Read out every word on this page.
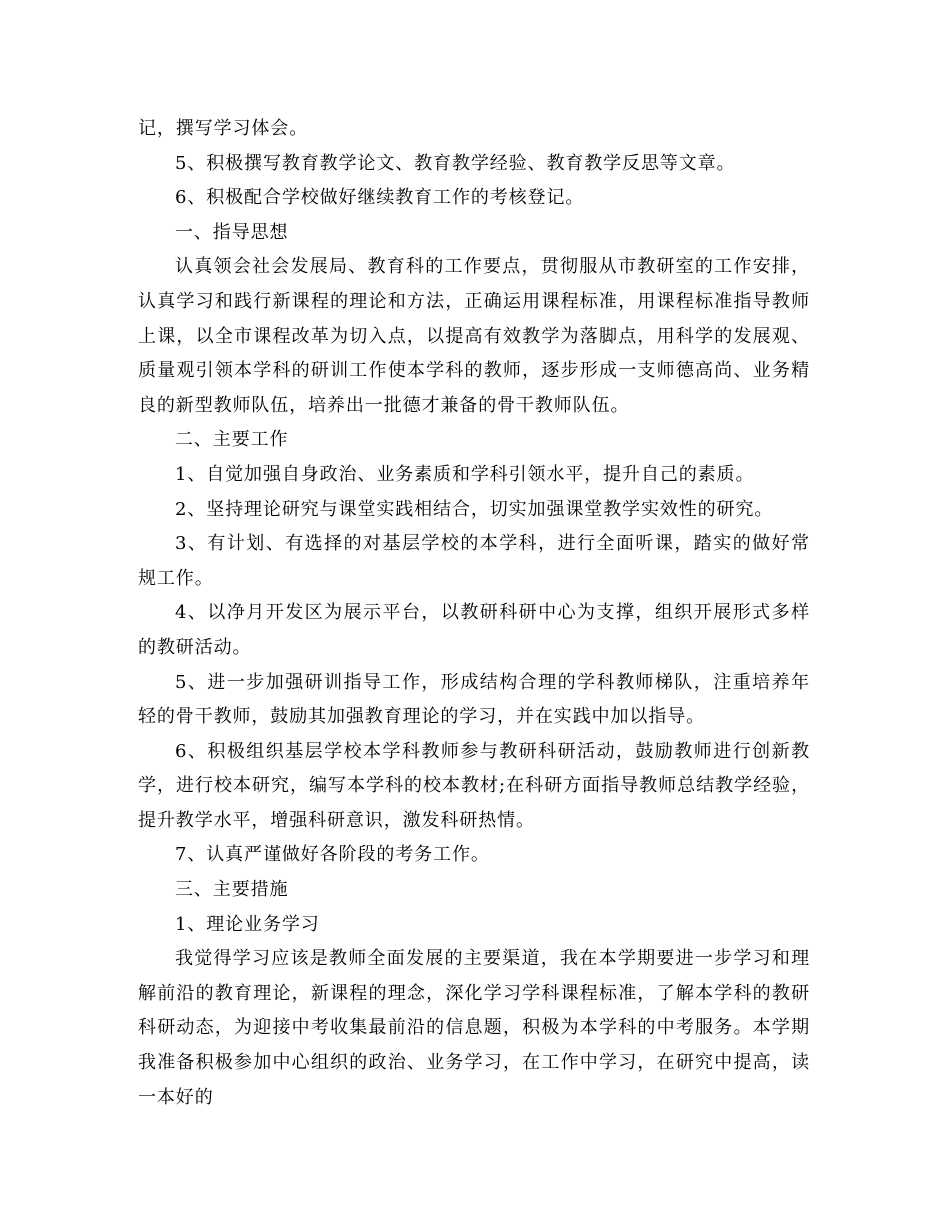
记，撰写学习体会。

5、积极撰写教育教学论文、教育教学经验、教育教学反思等文章。

6、积极配合学校做好继续教育工作的考核登记。

一、指导思想

认真领会社会发展局、教育科的工作要点，贯彻服从市教研室的工作安排，认真学习和践行新课程的理论和方法，正确运用课程标准，用课程标准指导教师上课，以全市课程改革为切入点，以提高有效教学为落脚点，用科学的发展观、质量观引领本学科的研训工作使本学科的教师，逐步形成一支师德高尚、业务精良的新型教师队伍，培养出一批德才兼备的骨干教师队伍。

二、主要工作

1、自觉加强自身政治、业务素质和学科引领水平，提升自己的素质。

2、坚持理论研究与课堂实践相结合，切实加强课堂教学实效性的研究。

3、有计划、有选择的对基层学校的本学科，进行全面听课，踏实的做好常规工作。

4、以净月开发区为展示平台，以教研科研中心为支撑，组织开展形式多样的教研活动。

5、进一步加强研训指导工作，形成结构合理的学科教师梯队，注重培养年轻的骨干教师，鼓励其加强教育理论的学习，并在实践中加以指导。

6、积极组织基层学校本学科教师参与教研科研活动，鼓励教师进行创新教学，进行校本研究，编写本学科的校本教材;在科研方面指导教师总结教学经验，提升教学水平，增强科研意识，激发科研热情。

7、认真严谨做好各阶段的考务工作。

三、主要措施

1、理论业务学习

我觉得学习应该是教师全面发展的主要渠道，我在本学期要进一步学习和理解前沿的教育理论，新课程的理念，深化学习学科课程标准，了解本学科的教研科研动态，为迎接中考收集最前沿的信息题，积极为本学科的中考服务。本学期我准备积极参加中心组织的政治、业务学习，在工作中学习，在研究中提高，读一本好的
